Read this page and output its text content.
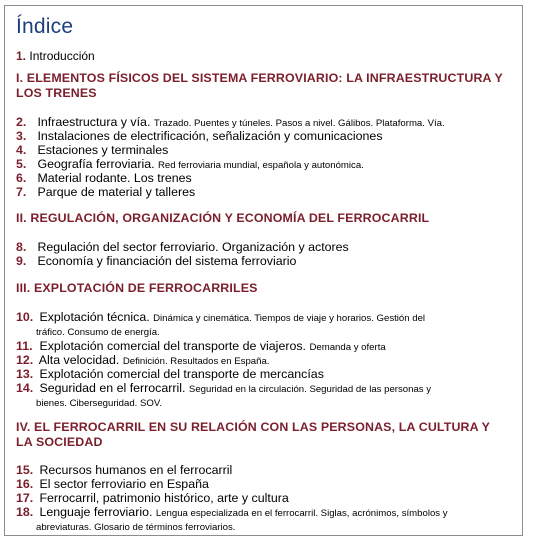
Índice
1. Introducción
I. ELEMENTOS FÍSICOS DEL SISTEMA FERROVIARIO: LA INFRAESTRUCTURA Y
LOS TRENES
2. Infraestructura y vía. Trazado. Puentes y túneles. Pasos a nivel. Gálibos. Plataforma. Vía.
3. Instalaciones de electrificación, señalización y comunicaciones
4. Estaciones y terminales
5. Geografía ferroviaria. Red ferroviaria mundial, española y autonómica.
6. Material rodante. Los trenes
7. Parque de material y talleres
II. REGULACIÓN, ORGANIZACIÓN Y ECONOMÍA DEL FERROCARRIL
8. Regulación del sector ferroviario. Organización y actores
9. Economía y financiación del sistema ferroviario
III. EXPLOTACIÓN DE FERROCARRILES
10. Explotación técnica. Dinámica y cinemática. Tiempos de viaje y horarios. Gestión del
tráfico. Consumo de energía.
11. Explotación comercial del transporte de viajeros. Demanda y oferta
12. Alta velocidad. Definición. Resultados en España.
13. Explotación comercial del transporte de mercancías
14. Seguridad en el ferrocarril. Seguridad en la circulación. Seguridad de las personas y
bienes. Ciberseguridad. SOV.
IV. EL FERROCARRIL EN SU RELACIÓN CON LAS PERSONAS, LA CULTURA Y
LA SOCIEDAD
15. Recursos humanos en el ferrocarril
16. El sector ferroviario en España
17. Ferrocarril, patrimonio histórico, arte y cultura
18. Lenguaje ferroviario. Lengua especializada en el ferrocarril. Siglas, acrónimos, símbolos y
abreviaturas. Glosario de términos ferroviarios.
